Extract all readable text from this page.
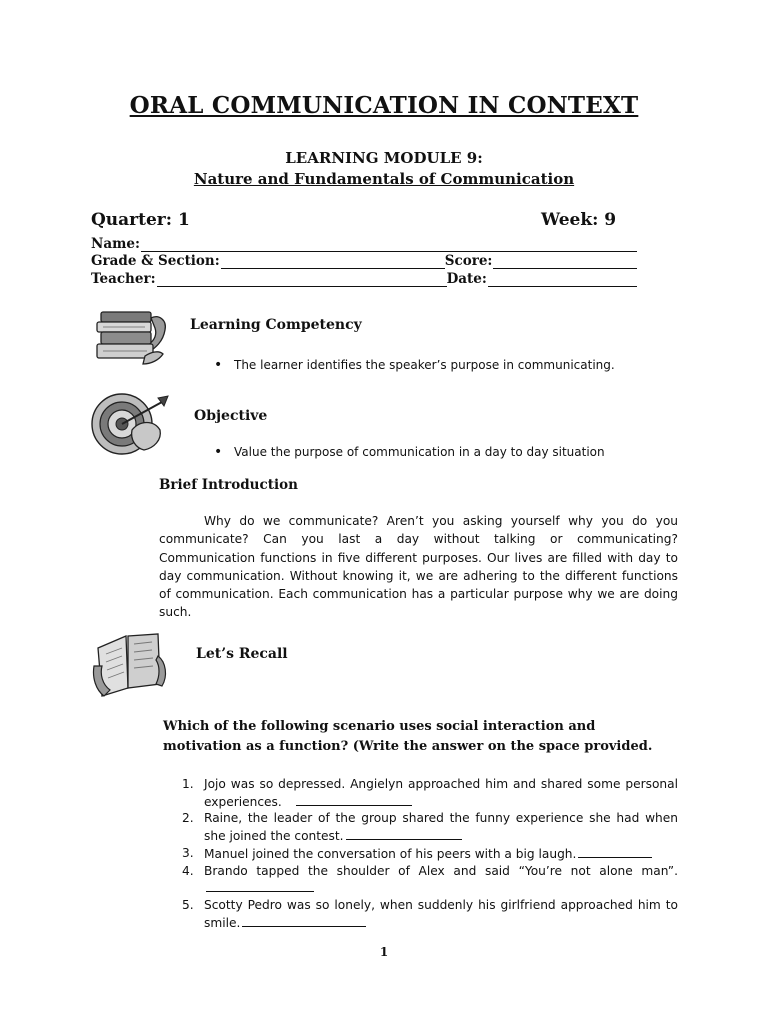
ORAL COMMUNICATION IN CONTEXT
LEARNING MODULE 9:
Nature and Fundamentals of Communication
Quarter: 1	Week: 9
Name:
Grade & Section:	Score:
Teacher:	Date:
Learning Competency
• The learner identifies the speaker’s purpose in communicating.
Objective
• Value the purpose of communication in a day to day situation
Brief Introduction
Why do we communicate? Aren’t you asking yourself why you do you communicate? Can you last a day without talking or communicating? Communication functions in five different purposes. Our lives are filled with day to day communication. Without knowing it, we are adhering to the different functions of communication. Each communication has a particular purpose why we are doing such.
Let’s Recall
Which of the following scenario uses social interaction and motivation as a function? (Write the answer on the space provided.
1. Jojo was so depressed. Angielyn approached him and shared some personal experiences.
2. Raine, the leader of the group shared the funny experience she had when she joined the contest.
3. Manuel joined the conversation of his peers with a big laugh.
4. Brando tapped the shoulder of Alex and said “You’re not alone man”.
5. Scotty Pedro was so lonely, when suddenly his girlfriend approached him to smile.
1
